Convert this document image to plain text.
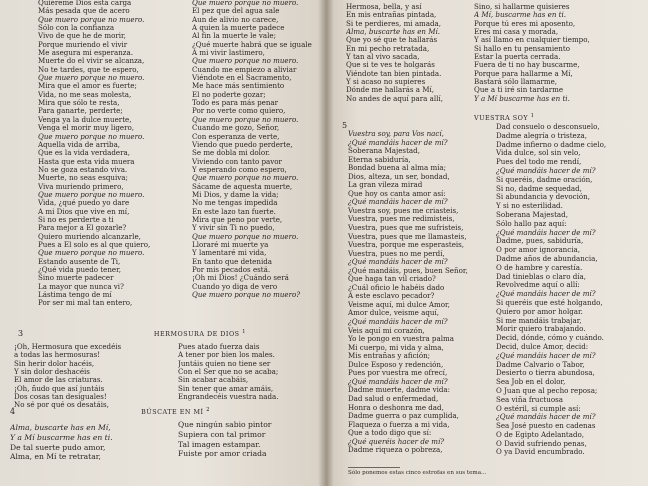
Quiéreme Dios esta carga
Más pesada que de acero
Que muero porque no muero.
Sólo con la confianza
Vivo de que he de morir,
Porque muriendo el vivir
Me asegura mi esperanza.
Muerte do el vivir se alcanza,
No te tardes, que te espero,
Que muero porque no muero.
Mira que el amor es fuerte;
Vida, no me seas molesta,
Mira que sólo te resta,
Para ganarte, perderte;
Venga ya la dulce muerte,
Venga el morir muy ligero,
Que muero porque no muero.
Aquella vida de arriba,
Que es la vida verdadera,
Hasta que esta vida muera
No se goza estando viva.
Muerte, no seas esquiva;
Viva muriendo primero,
Que muero porque no muero.
Vida, ¿qué puedo yo dare
A mi Dios que vive en mí,
Si no es perderte a ti
Para mejor a Él gozarle?
Quiero muriendo alcanzarle,
Pues a Él solo es al que quiero,
Que muero porque no muero.
Estando ausente de Ti,
¿Qué vida puedo tener,
Sino muerte padecer
La mayor que nunca vi?
Lástima tengo de mí
Por ser mi mal tan entero,
Que muero porque no muero.
El pez que del agua sale
Aun de alivio no carece,
A quien la muerte padece
Al fin la muerte le vale;
¿Qué muerte habrá que se iguale
A mi vivir lastimero,
Que muero porque no muero.
Cuando me empiezo a aliviar
Viéndote en el Sacramento,
Me hace más sentimiento
El no poderte gozar;
Todo es para más penar
Por no verte como quiero,
Que muero porque no muero.
Cuando me gozo, Señor,
Con esperanza de verte,
Viendo que puedo perderte,
Se me dobla mi dolor.
Viviendo con tanto pavor
Y esperando como espero,
Que muero porque no muero.
Sácame de aquesta muerte,
Mi Dios, y dame la vida;
No me tengas impedida
En este lazo tan fuerte.
Mira que peno por verte,
Y vivir sin Ti no puedo,
Que muero porque no muero.
Lloraré mi muerte ya
Y lamentaré mi vida,
En tanto que detenida
Por mis pecados está.
¡Oh mi Dios! ¿Cuándo será
Cuando yo diga de vero
Que muero porque no muero?
3	HERMOSURA DE DIOS $^1$
¡Oh, Hermosura que excedéis
a todas las hermosuras!
Sin herir dolor hacéis,
Y sin dolor deshacéis
El amor de las criaturas.
¡Oh, ñudo que así juntáis
Dos cosas tan desiguales!
No sé por qué os desatáis,
Pues atado fuerza dais
A tener por bien los males.
Juntáis quien no tiene ser
Con el Ser que no se acaba;
Sin acabar acabáis,
Sin tener que amar amáis,
Engrandecéis vuestra nada.
4	BÚSCATE EN MÍ $^2$
Alma, buscarte has en Mí,
Y a Mí buscarme has en ti.
De tal suerte pudo amor,
Alma, en Mí te retratar,
Que ningún sabio pintor
Supiera con tal primor
Tal imagen estampar.
Fuiste por amor criada
Hermosa, bella, y así
En mis entrañas pintada,
Si te perdieres, mi amada,
Alma, buscarte has en Mí.
Que yo sé que te hallarás
En mi pecho retratada,
Y tan al vivo sacada,
Que si te ves te holgarás
Viéndote tan bien pintada.
Y si acaso no supieres
Dónde me hallarás a Mí,
No andes de aquí para allí,
Sino, si hallarme quisieres
A Mí, buscarme has en ti.
Porque tú eres mi aposento,
Eres mi casa y morada,
Y así llamo en cualquier tiempo,
Si hallo en tu pensamiento
Estar la puerta cerrada.
Fuera de ti no hay buscarme,
Porque para hallarme a Mí,
Bastará sólo llamarme,
Que a ti iré sin tardarme
Y a Mí buscarme has en ti.
5
VUESTRA SOY $^1$
Vuestra soy, para Vos nací,
¿Qué mandáis hacer de mí?
Soberana Majestad,
Eterna sabiduría,
Bondad buena al alma mía;
Dios, alteza, un ser, bondad,
La gran vileza mirad
Que hoy os canta amor así:
¿Qué mandáis hacer de mí?
Vuestra soy, pues me criasteis,
Vuestra, pues me redimisteis,
Vuestra, pues que me sufristeis,
Vuestra, pues que me llamasteis,
Vuestra, porque me esperasteis,
Vuestra, pues no me perdí,
¿Qué mandáis hacer de mí?
¿Qué mandáis, pues, buen Señor,
Que haga tan vil criado?
¿Cuál oficio le habéis dado
A este esclavo pecador?
Veisme aquí, mi dulce Amor,
Amor dulce, veisme aquí,
¿Qué mandáis hacer de mí?
Veis aquí mi corazón,
Yo le pongo en vuestra palma
Mi cuerpo, mi vida y alma,
Mis entrañas y afición;
Dulce Esposo y redención,
Pues por vuestra me ofrecí,
¿Qué mandáis hacer de mí?
Dadme muerte, dadme vida:
Dad salud o enfermedad,
Honra o deshonra me dad,
Dadme guerra o paz cumplida,
Flaqueza o fuerza a mi vida,
Que a todo digo que sí:
¿Qué queréis hacer de mí?
Dadme riqueza o pobreza,
Dad consuelo o desconsuelo,
Dadme alegría o tristeza,
Dadme infierno o dadme cielo,
Vida dulce, sol sin velo,
Pues del todo me rendí,
¿Qué mandáis hacer de mí?
Si queréis, dadme oración,
Si no, dadme sequedad,
Si abundancia y devoción,
Y si no esterilidad.
Soberana Majestad,
Sólo hallo paz aquí:
¿Qué mandáis hacer de mí?
Dadme, pues, sabiduría,
O por amor ignorancia,
Dadme años de abundancia,
O de hambre y carestía.
Dad tinieblas o claro día,
Revolvedme aquí o allí:
¿Qué mandáis hacer de mí?
Si queréis que esté holgando,
Quiero por amor holgar.
Si me mandáis trabajar,
Morir quiero trabajando.
Decid, dónde, cómo y cuándo.
Decid, dulce Amor, decid:
¿Qué mandáis hacer de mí?
Dadme Calvario o Tabor,
Desierto o tierra abundosa,
Sea Job en el dolor,
O Juan que al pecho reposa;
Sea viña fructuosa
O estéril, si cumple así:
¿Qué mandáis hacer de mí?
Sea José puesto en cadenas
O de Egipto Adelantado,
O David sufriendo penas,
O ya David encumbrado.
Sólo ponemos estas cinco estrofas en sus tema...
